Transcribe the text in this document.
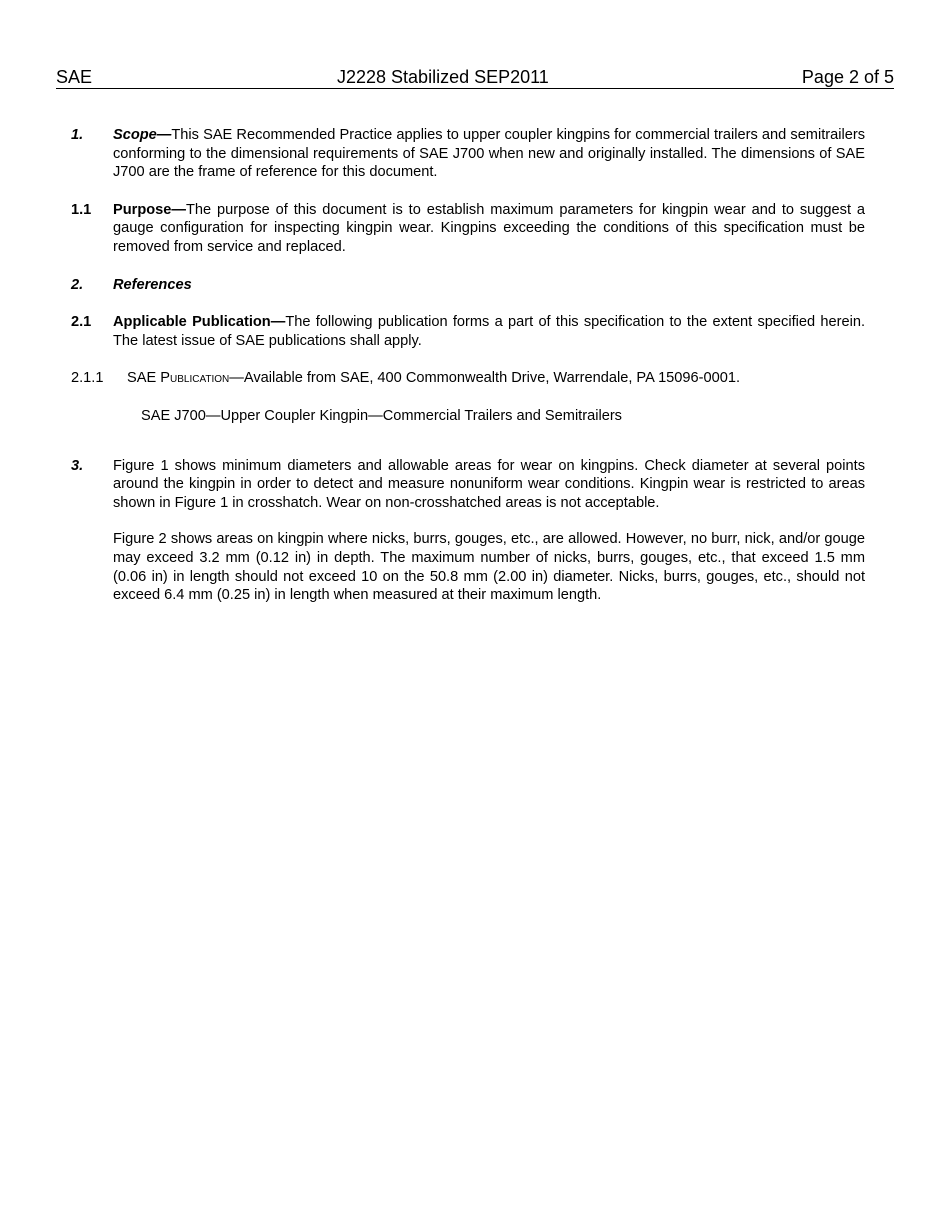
SAE	J2228 Stabilized SEP2011	Page 2 of 5
1. Scope—This SAE Recommended Practice applies to upper coupler kingpins for commercial trailers and semitrailers conforming to the dimensional requirements of SAE J700 when new and originally installed. The dimensions of SAE J700 are the frame of reference for this document.

1.1 Purpose—The purpose of this document is to establish maximum parameters for kingpin wear and to suggest a gauge configuration for inspecting kingpin wear. Kingpins exceeding the conditions of this specification must be removed from service and replaced.

2. References

2.1 Applicable Publication—The following publication forms a part of this specification to the extent specified herein. The latest issue of SAE publications shall apply.

2.1.1 SAE Publication—Available from SAE, 400 Commonwealth Drive, Warrendale, PA 15096-0001.

SAE J700—Upper Coupler Kingpin—Commercial Trailers and Semitrailers
3. Figure 1 shows minimum diameters and allowable areas for wear on kingpins. Check diameter at several points around the kingpin in order to detect and measure nonuniform wear conditions. Kingpin wear is restricted to areas shown in Figure 1 in crosshatch. Wear on non-crosshatched areas is not acceptable.

Figure 2 shows areas on kingpin where nicks, burrs, gouges, etc., are allowed. However, no burr, nick, and/or gouge may exceed 3.2 mm (0.12 in) in depth. The maximum number of nicks, burrs, gouges, etc., that exceed 1.5 mm (0.06 in) in length should not exceed 10 on the 50.8 mm (2.00 in) diameter. Nicks, burrs, gouges, etc., should not exceed 6.4 mm (0.25 in) in length when measured at their maximum length.
